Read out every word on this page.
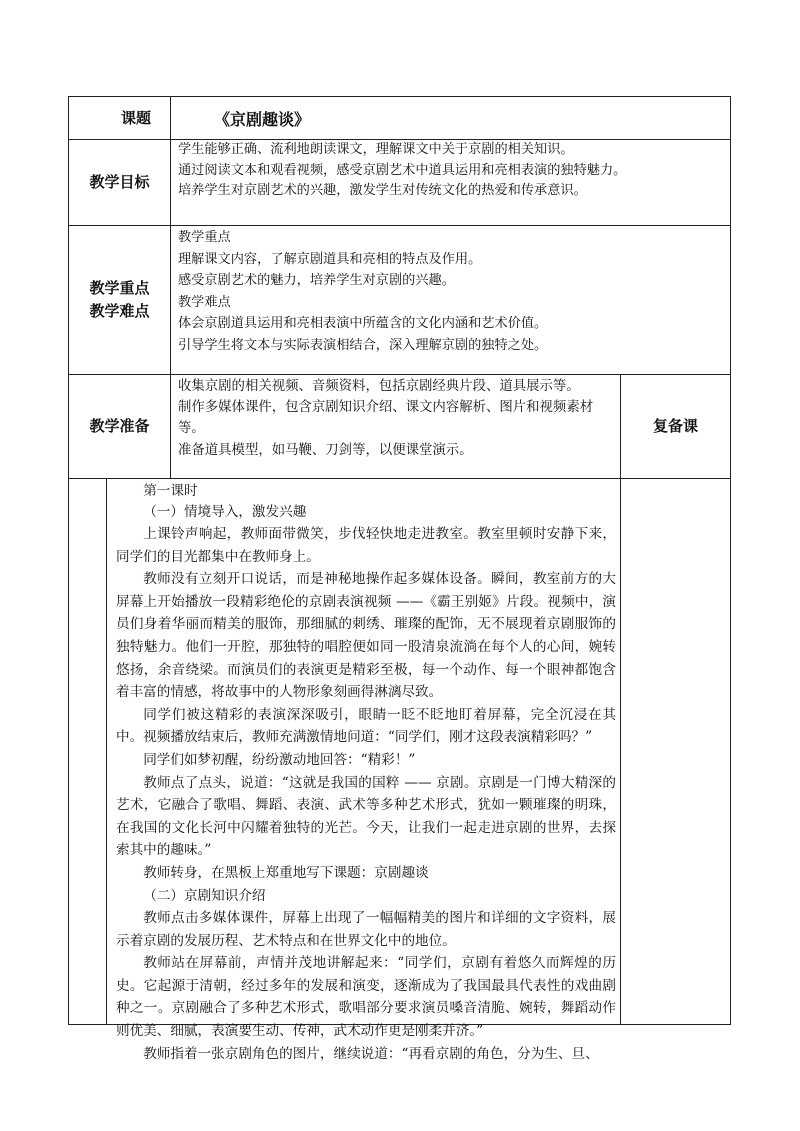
课题	《京剧趣谈》
教学目标

学生能够正确、流利地朗读课文，理解课文中关于京剧的相关知识。

通过阅读文本和观看视频，感受京剧艺术中道具运用和亮相表演的独特魅力。

培养学生对京剧艺术的兴趣，激发学生对传统文化的热爱和传承意识。

教学重点
教学难点

教学重点

理解课文内容，了解京剧道具和亮相的特点及作用。

感受京剧艺术的魅力，培养学生对京剧的兴趣。

教学难点

体会京剧道具运用和亮相表演中所蕴含的文化内涵和艺术价值。

引导学生将文本与实际表演相结合，深入理解京剧的独特之处。

教学准备

收集京剧的相关视频、音频资料，包括京剧经典片段、道具展示等。

制作多媒体课件，包含京剧知识介绍、课文内容解析、图片和视频素材

等。

准备道具模型，如马鞭、刀剑等，以便课堂演示。

复备课

第一课时

（一）情境导入，激发兴趣

上课铃声响起，教师面带微笑，步伐轻快地走进教室。教室里顿时安静下来，同学们的目光都集中在教师身上。

教师没有立刻开口说话，而是神秘地操作起多媒体设备。瞬间，教室前方的大屏幕上开始播放一段精彩绝伦的京剧表演视频 ——《霸王别姬》片段。视频中，演员们身着华丽而精美的服饰，那细腻的刺绣、璀璨的配饰，无不展现着京剧服饰的独特魅力。他们一开腔，那独特的唱腔便如同一股清泉流淌在每个人的心间，婉转悠扬，余音绕梁。而演员们的表演更是精彩至极，每一个动作、每一个眼神都饱含着丰富的情感，将故事中的人物形象刻画得淋漓尽致。

同学们被这精彩的表演深深吸引，眼睛一眨不眨地盯着屏幕，完全沉浸在其中。视频播放结束后，教师充满激情地问道：“同学们，刚才这段表演精彩吗？”

同学们如梦初醒，纷纷激动地回答：“精彩！”

教师点了点头，说道：“这就是我国的国粹 —— 京剧。京剧是一门博大精深的艺术，它融合了歌唱、舞蹈、表演、武术等多种艺术形式，犹如一颗璀璨的明珠，在我国的文化长河中闪耀着独特的光芒。今天，让我们一起走进京剧的世界，去探索其中的趣味。”

教师转身，在黑板上郑重地写下课题：京剧趣谈

（二）京剧知识介绍

教师点击多媒体课件，屏幕上出现了一幅幅精美的图片和详细的文字资料，展示着京剧的发展历程、艺术特点和在世界文化中的地位。

教师站在屏幕前，声情并茂地讲解起来：“同学们，京剧有着悠久而辉煌的历史。它起源于清朝，经过多年的发展和演变，逐渐成为了我国最具代表性的戏曲剧种之一。京剧融合了多种艺术形式，歌唱部分要求演员嗓音清脆、婉转，舞蹈动作则优美、细腻，表演要生动、传神，武术动作更是刚柔并济。”

教师指着一张京剧角色的图片，继续说道：“再看京剧的角色，分为生、旦、
